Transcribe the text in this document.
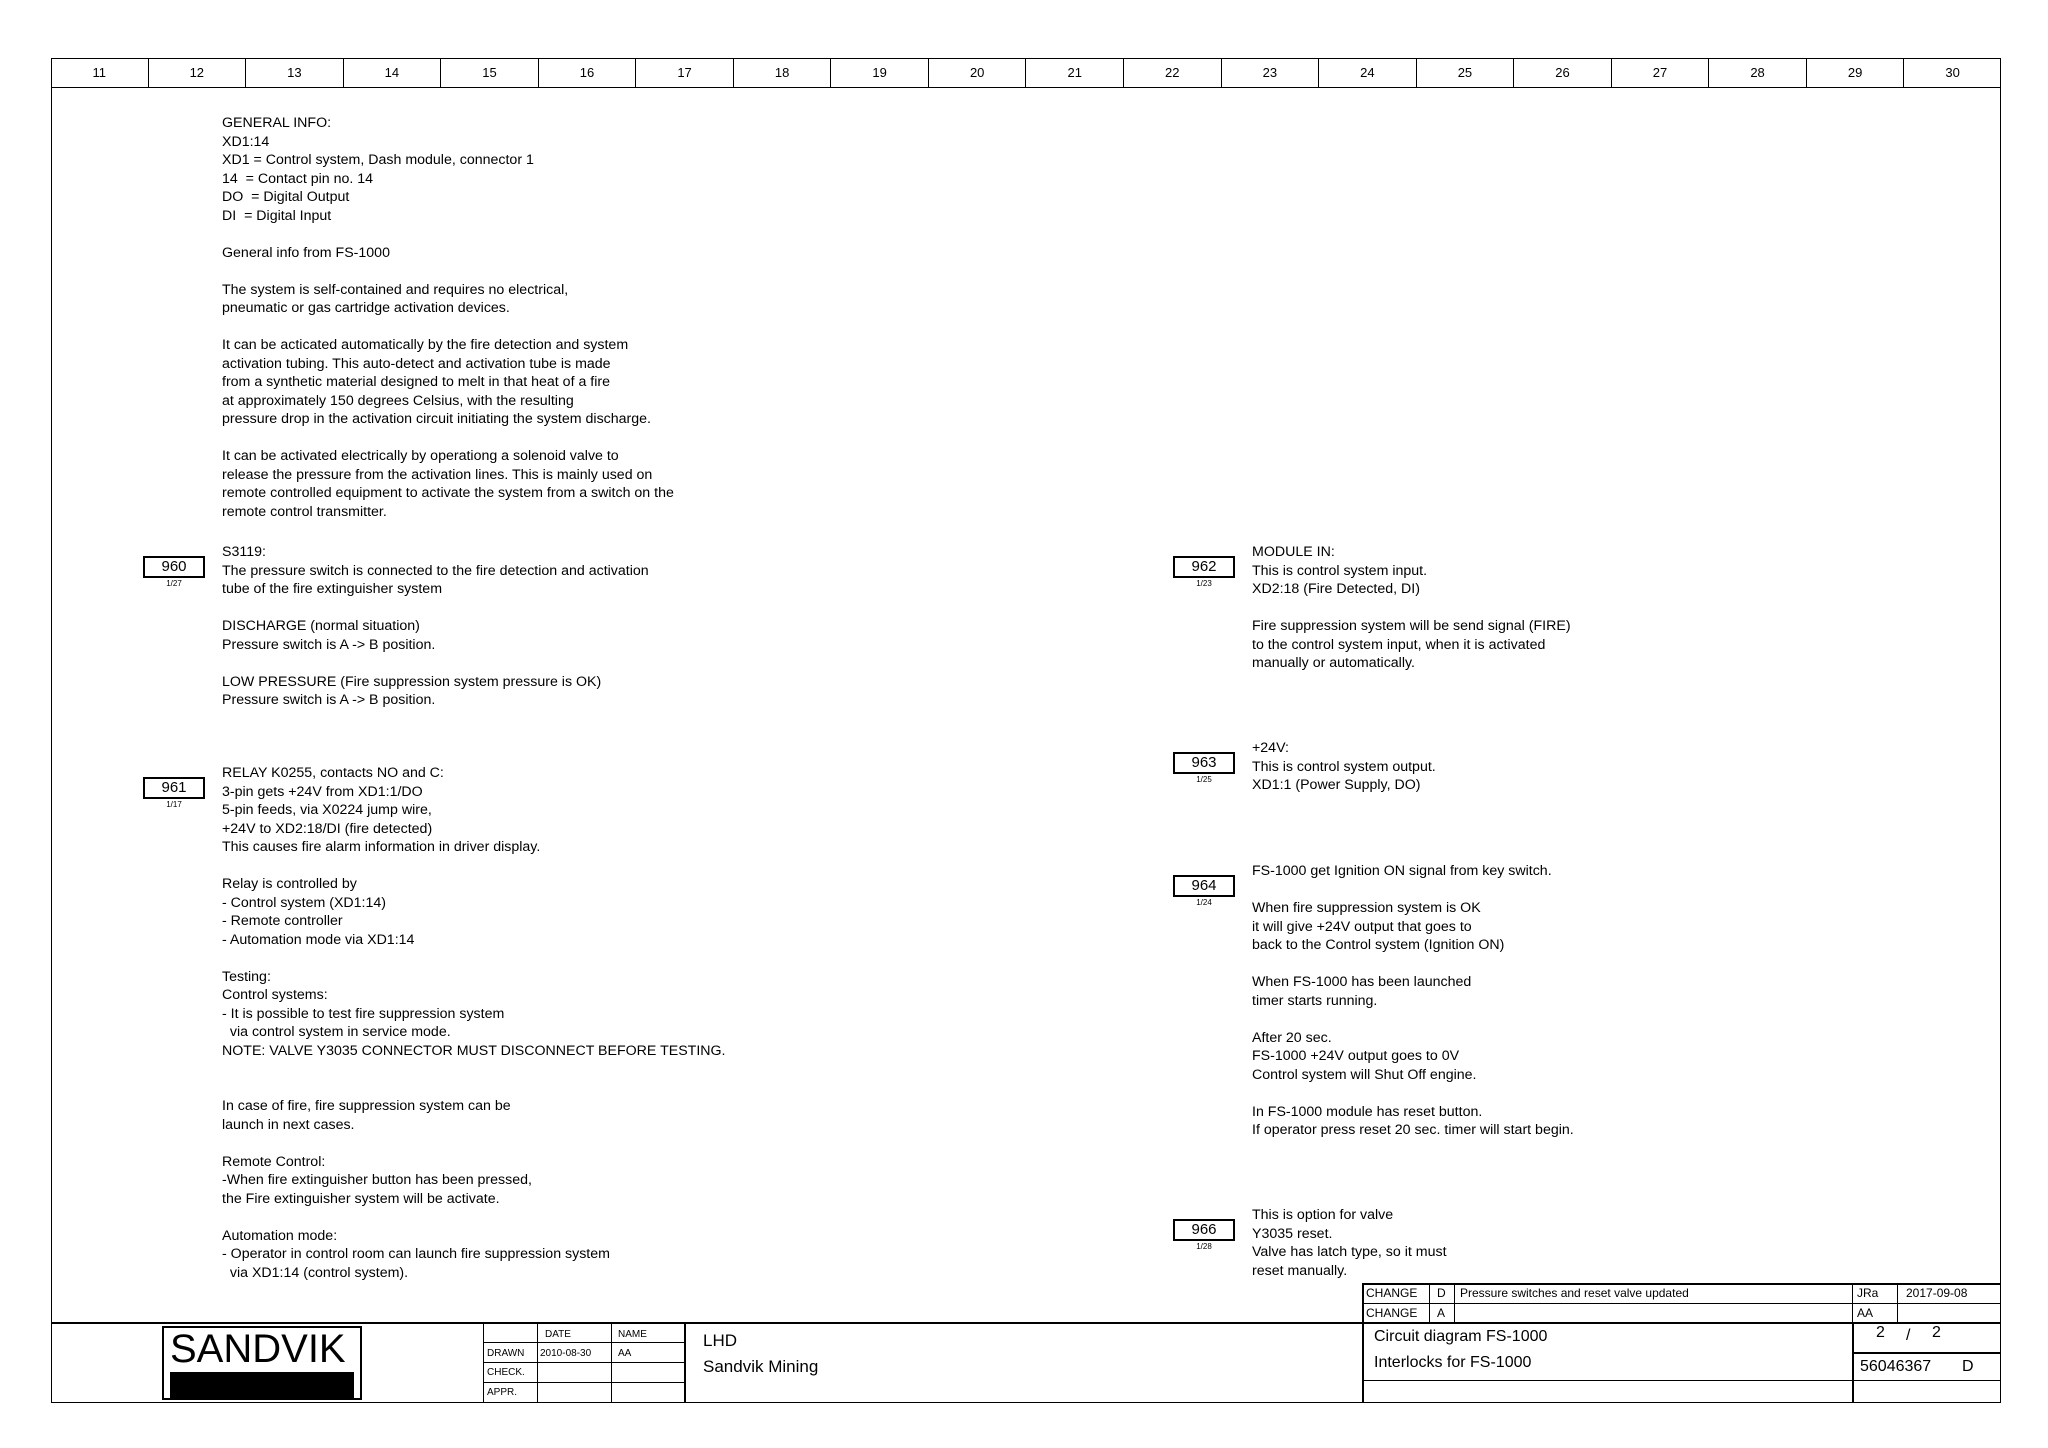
11	12	13	14	15	16	17	18	19	20	21	22	23	24	25	26	27	28	29	30
GENERAL INFO:
XD1:14
XD1 = Control system, Dash module, connector 1
14  = Contact pin no. 14
DO  = Digital Output
DI  = Digital Input

General info from FS-1000

The system is self-contained and requires no electrical,
pneumatic or gas cartridge activation devices.

It can be acticated automatically by the fire detection and system
activation tubing. This auto-detect and activation tube is made
from a synthetic material designed to melt in that heat of a fire
at approximately 150 degrees Celsius, with the resulting
pressure drop in the activation circuit initiating the system discharge.

It can be activated electrically by operationg a solenoid valve to
release the pressure from the activation lines. This is mainly used on
remote controlled equipment to activate the system from a switch on the
remote control transmitter.
960
1/27
961
1/17
962
1/23
963
1/25
964
1/24
966
1/28
S3119:
The pressure switch is connected to the fire detection and activation
tube of the fire extinguisher system

DISCHARGE (normal situation)
Pressure switch is A -> B position.

LOW PRESSURE (Fire suppression system pressure is OK)
Pressure switch is A -> B position.
RELAY K0255, contacts NO and C:
3-pin gets +24V from XD1:1/DO
5-pin feeds, via X0224 jump wire,
+24V to XD2:18/DI (fire detected)
This causes fire alarm information in driver display.

Relay is controlled by
- Control system (XD1:14)
- Remote controller
- Automation mode via XD1:14

Testing:
Control systems:
- It is possible to test fire suppression system
via control system in service mode.
NOTE: VALVE Y3035 CONNECTOR MUST DISCONNECT BEFORE TESTING.

In case of fire, fire suppression system can be
launch in next cases.

Remote Control:
-When fire extinguisher button has been pressed,
the Fire extinguisher system will be activate.

Automation mode:
- Operator in control room can launch fire suppression system
via XD1:14 (control system).
MODULE IN:
This is control system input.
XD2:18 (Fire Detected, DI)

Fire suppression system will be send signal (FIRE)
to the control system input, when it is activated
manually or automatically.
+24V:
This is control system output.
XD1:1 (Power Supply, DO)
FS-1000 get Ignition ON signal from key switch.

When fire suppression system is OK
it will give +24V output that goes to
back to the Control system (Ignition ON)

When FS-1000 has been launched
timer starts running.

After 20 sec.
FS-1000 +24V output goes to 0V
Control system will Shut Off engine.

In FS-1000 module has reset button.
If operator press reset 20 sec. timer will start begin.
This is option for valve
Y3035 reset.
Valve has latch type, so it must
reset manually.
SANDVIK	DATE	NAME
DRAWN 2010-08-30	AA
CHECK.
APPR.
LHD
Sandvik Mining
CHANGE D Pressure switches and reset valve updated	JRa 2017-09-08
CHANGE A	AA
Circuit diagram FS-1000
Interlocks for FS-1000
2 / 2
56046367 D
